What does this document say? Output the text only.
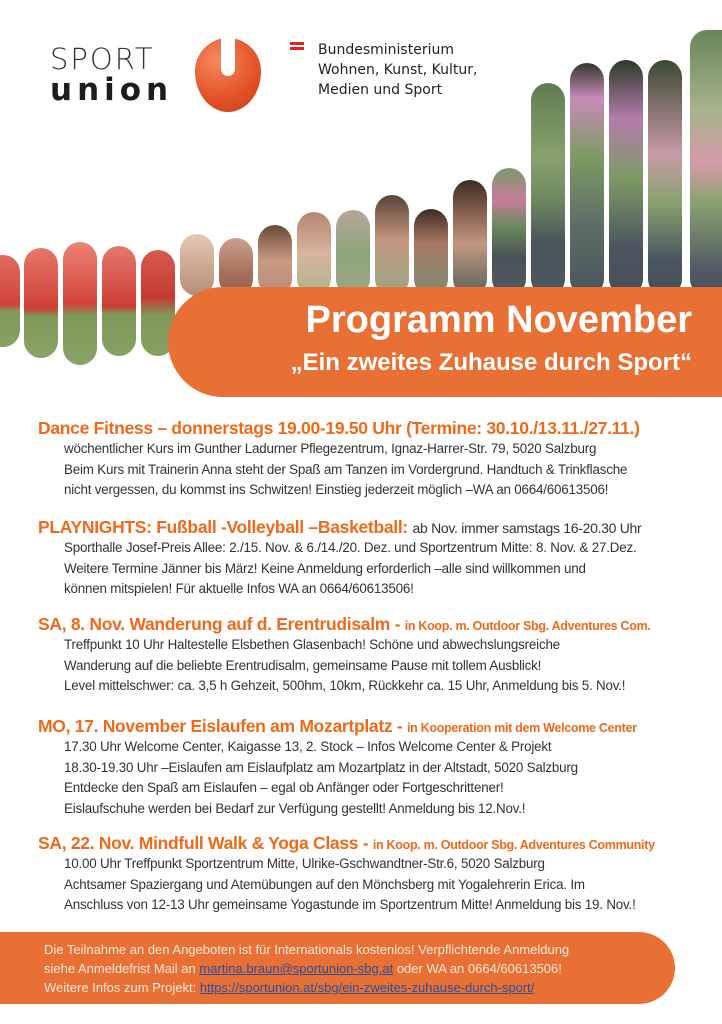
SPORT
union
Bundesministerium
Wohnen, Kunst, Kultur,
Medien und Sport
Programm November
„Ein zweites Zuhause durch Sport“
Dance Fitness – donnerstags 19.00-19.50 Uhr (Termine: 30.10./13.11./27.11.)
wöchentlicher Kurs im Gunther Ladurner Pflegezentrum, Ignaz-Harrer-Str. 79, 5020 Salzburg
Beim Kurs mit Trainerin Anna steht der Spaß am Tanzen im Vordergrund. Handtuch & Trinkflasche
nicht vergessen, du kommst ins Schwitzen! Einstieg jederzeit möglich –WA an 0664/60613506!
PLAYNIGHTS: Fußball -Volleyball –Basketball: ab Nov. immer samstags 16-20.30 Uhr
Sporthalle Josef-Preis Allee: 2./15. Nov. & 6./14./20. Dez. und Sportzentrum Mitte: 8. Nov. & 27.Dez.
Weitere Termine Jänner bis März! Keine Anmeldung erforderlich –alle sind willkommen und
können mitspielen! Für aktuelle Infos WA an 0664/60613506!
SA, 8. Nov. Wanderung auf d. Erentrudisalm - in Koop. m. Outdoor Sbg. Adventures Com.
Treffpunkt 10 Uhr Haltestelle Elsbethen Glasenbach! Schöne und abwechslungsreiche
Wanderung auf die beliebte Erentrudisalm, gemeinsame Pause mit tollem Ausblick!
Level mittelschwer: ca. 3,5 h Gehzeit, 500hm, 10km, Rückkehr ca. 15 Uhr, Anmeldung bis 5. Nov.!
MO, 17. November Eislaufen am Mozartplatz - in Kooperation mit dem Welcome Center
17.30 Uhr Welcome Center, Kaigasse 13, 2. Stock – Infos Welcome Center & Projekt
18.30-19.30 Uhr –Eislaufen am Eislaufplatz am Mozartplatz in der Altstadt, 5020 Salzburg
Entdecke den Spaß am Eislaufen – egal ob Anfänger oder Fortgeschrittener!
Eislaufschuhe werden bei Bedarf zur Verfügung gestellt! Anmeldung bis 12.Nov.!
SA, 22. Nov. Mindfull Walk & Yoga Class - in Koop. m. Outdoor Sbg. Adventures Community
10.00 Uhr Treffpunkt Sportzentrum Mitte, Ulrike-Gschwandtner-Str.6, 5020 Salzburg
Achtsamer Spaziergang und Atemübungen auf den Mönchsberg mit Yogalehrerin Erica. Im
Anschluss von 12-13 Uhr gemeinsame Yogastunde im Sportzentrum Mitte! Anmeldung bis 19. Nov.!
Die Teilnahme an den Angeboten ist für Internationals kostenlos! Verpflichtende Anmeldung
siehe Anmeldefrist Mail an martina.braun@sportunion-sbg.at oder WA an 0664/60613506!
Weitere Infos zum Projekt: https://sportunion.at/sbg/ein-zweites-zuhause-durch-sport/
